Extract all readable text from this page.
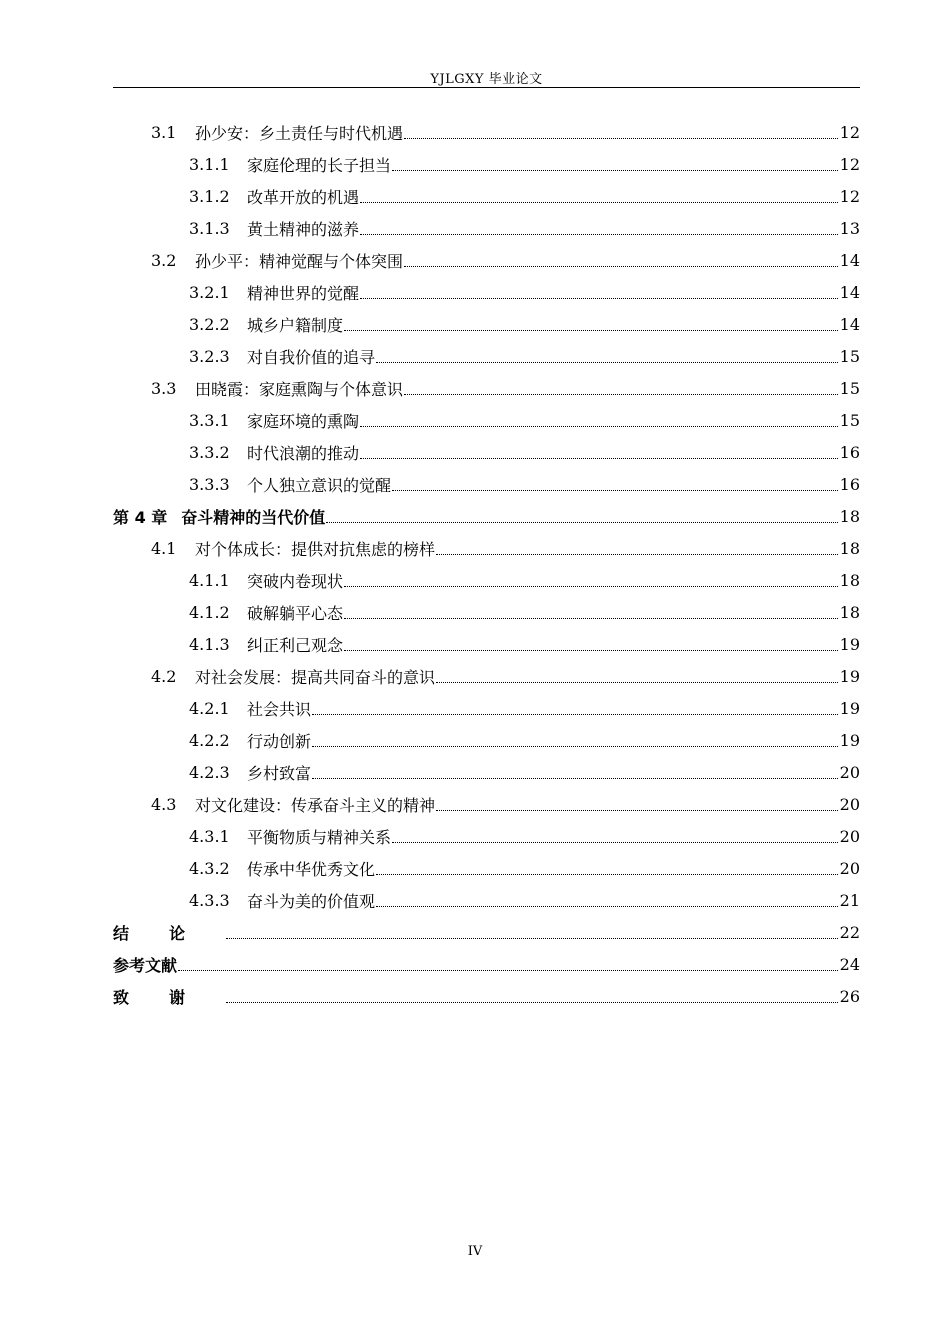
YJLGXY 毕业论文
3.1	孙少安：乡土责任与时代机遇	12
3.1.1	家庭伦理的长子担当	12
3.1.2	改革开放的机遇	12
3.1.3	黄土精神的滋养	13
3.2	孙少平：精神觉醒与个体突围	14
3.2.1	精神世界的觉醒	14
3.2.2	城乡户籍制度	14
3.2.3	对自我价值的追寻	15
3.3	田晓霞：家庭熏陶与个体意识	15
3.3.1	家庭环境的熏陶	15
3.3.2	时代浪潮的推动	16
3.3.3	个人独立意识的觉醒	16
第 4 章 奋斗精神的当代价值	18
4.1	对个体成长：提供对抗焦虑的榜样	18
4.1.1	突破内卷现状	18
4.1.2	破解躺平心态	18
4.1.3	纠正利己观念	19
4.2	对社会发展：提高共同奋斗的意识	19
4.2.1	社会共识	19
4.2.2	行动创新	19
4.2.3	乡村致富	20
4.3	对文化建设：传承奋斗主义的精神	20
4.3.1	平衡物质与精神关系	20
4.3.2	传承中华优秀文化	20
4.3.3	奋斗为美的价值观	21
结论	22
参考文献	24
致谢	26
IV
